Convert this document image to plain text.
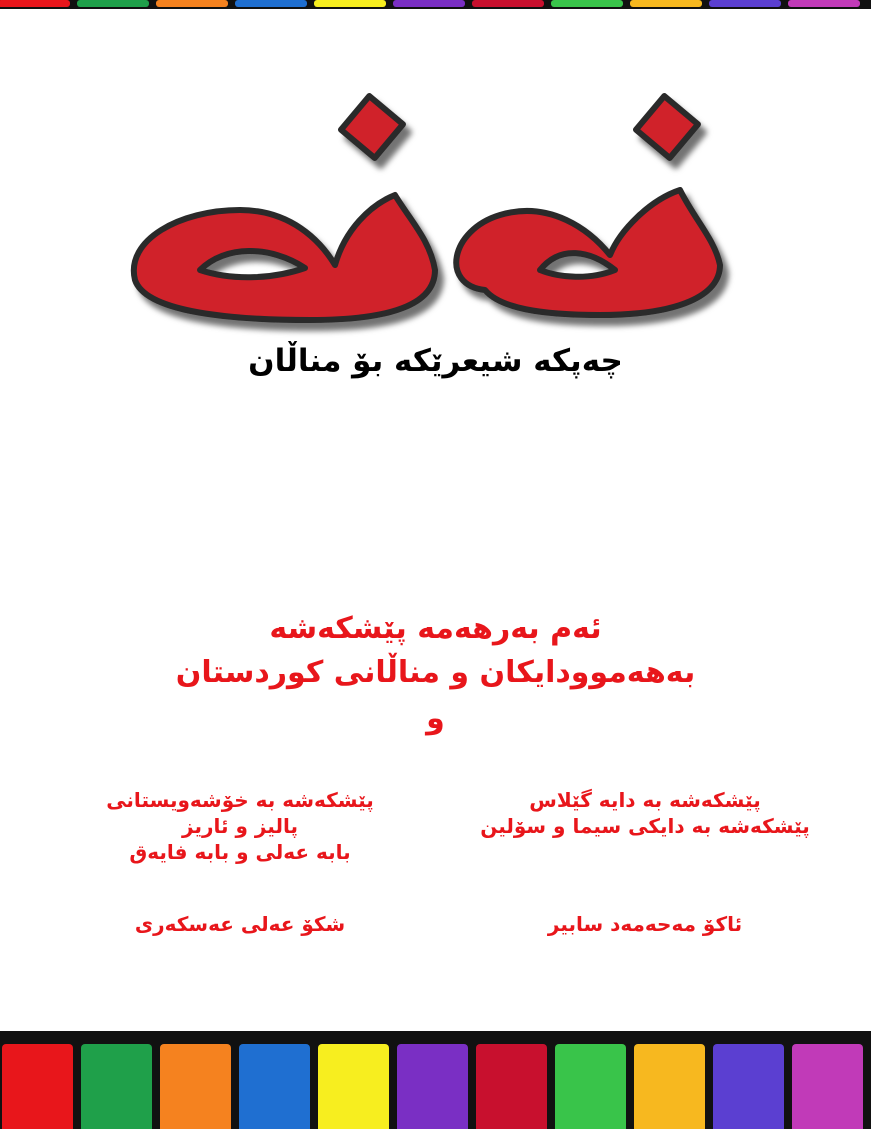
چەپکە شیعرێکە بۆ مناڵان
ئەم بەرهەمە پێشکەشە
بەهەموودایکان و مناڵانی کوردستان
و
پێشکەشە بە دایە گێلاس
پێشکەشە بە دایکی سیما و سۆلین
ئاکۆ مەحەمەد سابیر
پێشکەشە بە خۆشەویستانی
پالیز و ئاریز
بابە عەلی و بابە فایەق
شکۆ عەلی عەسکەری
